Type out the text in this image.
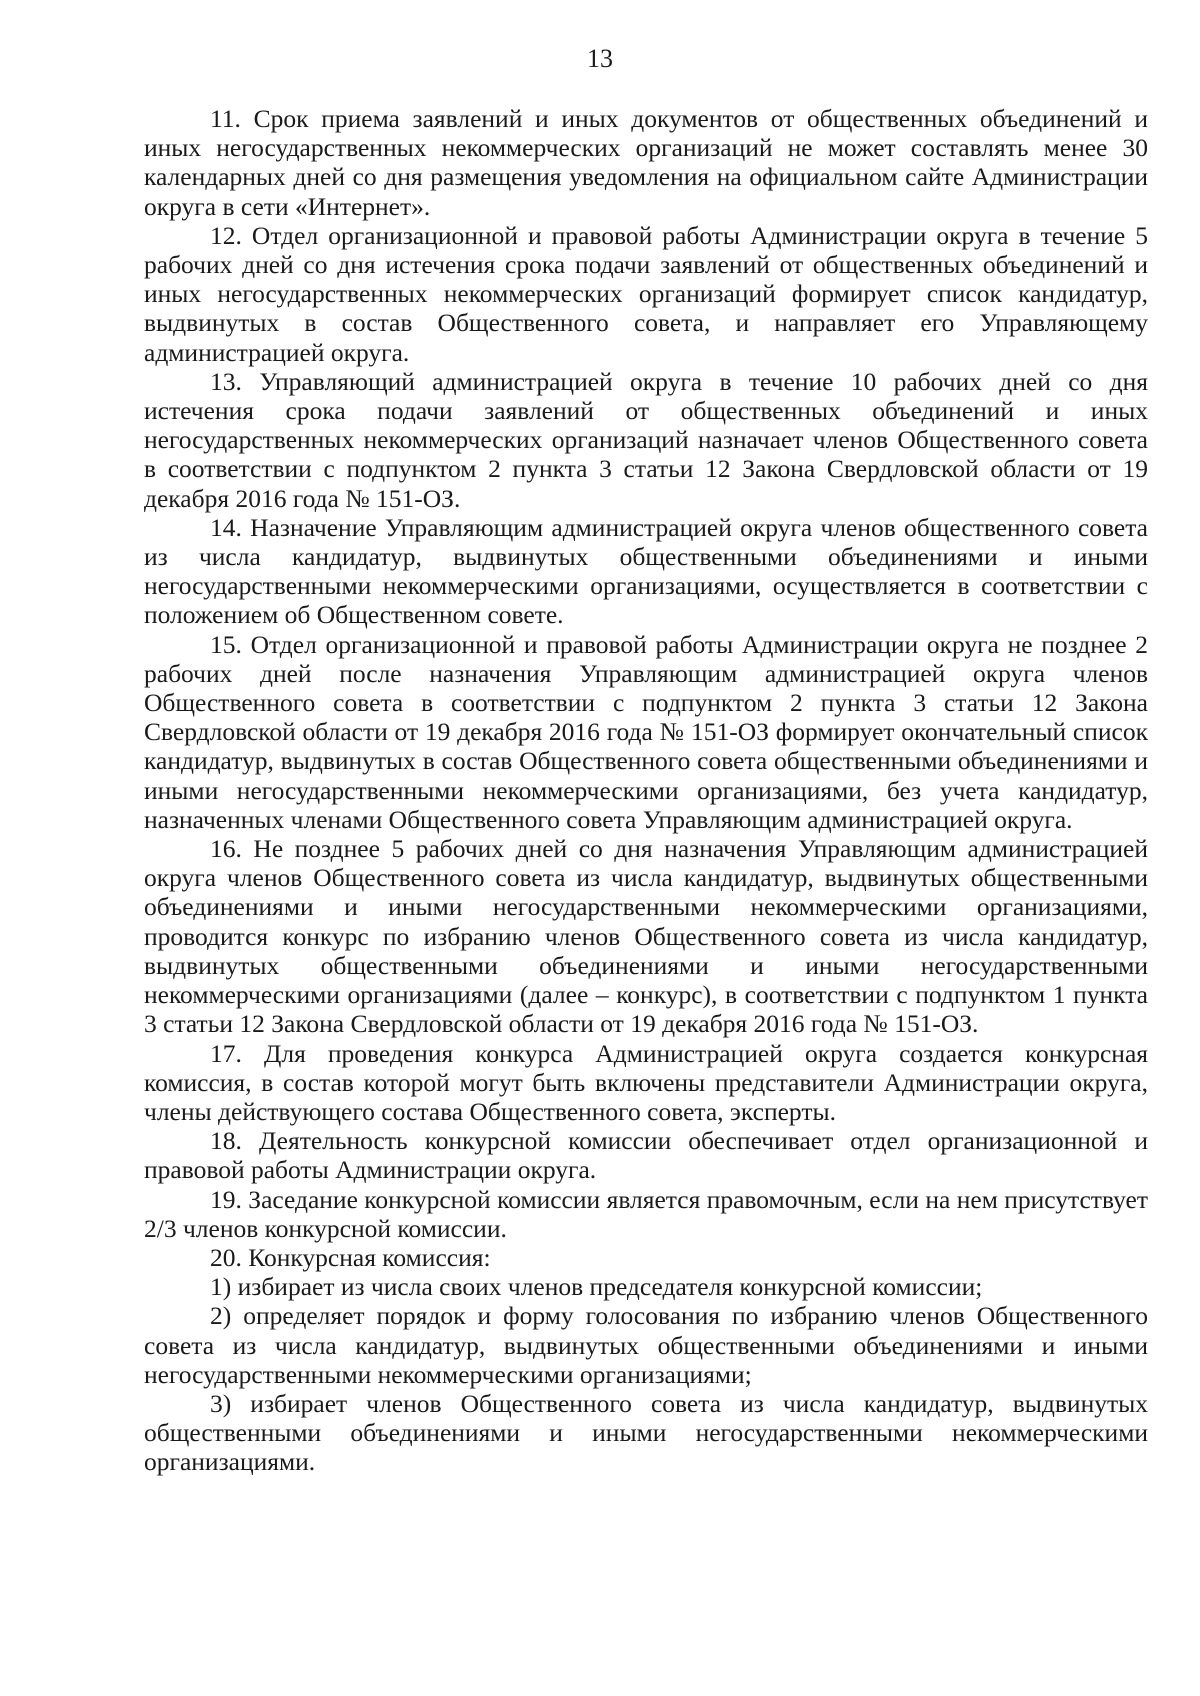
13

11. Срок приема заявлений и иных документов от общественных объединений и иных негосударственных некоммерческих организаций не может составлять менее 30 календарных дней со дня размещения уведомления на официальном сайте Администрации округа в сети «Интернет».

12. Отдел организационной и правовой работы Администрации округа в течение 5 рабочих дней со дня истечения срока подачи заявлений от общественных объединений и иных негосударственных некоммерческих организаций формирует список кандидатур, выдвинутых в состав Общественного совета, и направляет его Управляющему администрацией округа.

13. Управляющий администрацией округа в течение 10 рабочих дней со дня истечения срока подачи заявлений от общественных объединений и иных негосударственных некоммерческих организаций назначает членов Общественного совета в соответствии с подпунктом 2 пункта 3 статьи 12 Закона Свердловской области от 19 декабря 2016 года № 151-ОЗ.

14. Назначение Управляющим администрацией округа членов общественного совета из числа кандидатур, выдвинутых общественными объединениями и иными негосударственными некоммерческими организациями, осуществляется в соответствии с положением об Общественном совете.

15. Отдел организационной и правовой работы Администрации округа не позднее 2 рабочих дней после назначения Управляющим администрацией округа членов Общественного совета в соответствии с подпунктом 2 пункта 3 статьи 12 Закона Свердловской области от 19 декабря 2016 года № 151-ОЗ формирует окончательный список кандидатур, выдвинутых в состав Общественного совета общественными объединениями и иными негосударственными некоммерческими организациями, без учета кандидатур, назначенных членами Общественного совета Управляющим администрацией округа.

16. Не позднее 5 рабочих дней со дня назначения Управляющим администрацией округа членов Общественного совета из числа кандидатур, выдвинутых общественными объединениями и иными негосударственными некоммерческими организациями, проводится конкурс по избранию членов Общественного совета из числа кандидатур, выдвинутых общественными объединениями и иными негосударственными некоммерческими организациями (далее – конкурс), в соответствии с подпунктом 1 пункта 3 статьи 12 Закона Свердловской области от 19 декабря 2016 года № 151-ОЗ.

17. Для проведения конкурса Администрацией округа создается конкурсная комиссия, в состав которой могут быть включены представители Администрации округа, члены действующего состава Общественного совета, эксперты.

18. Деятельность конкурсной комиссии обеспечивает отдел организационной и правовой работы Администрации округа.

19. Заседание конкурсной комиссии является правомочным, если на нем присутствует 2/3 членов конкурсной комиссии.

20. Конкурсная комиссия:

1) избирает из числа своих членов председателя конкурсной комиссии;

2) определяет порядок и форму голосования по избранию членов Общественного совета из числа кандидатур, выдвинутых общественными объединениями и иными негосударственными некоммерческими организациями;

3) избирает членов Общественного совета из числа кандидатур, выдвинутых общественными объединениями и иными негосударственными некоммерческими организациями.
